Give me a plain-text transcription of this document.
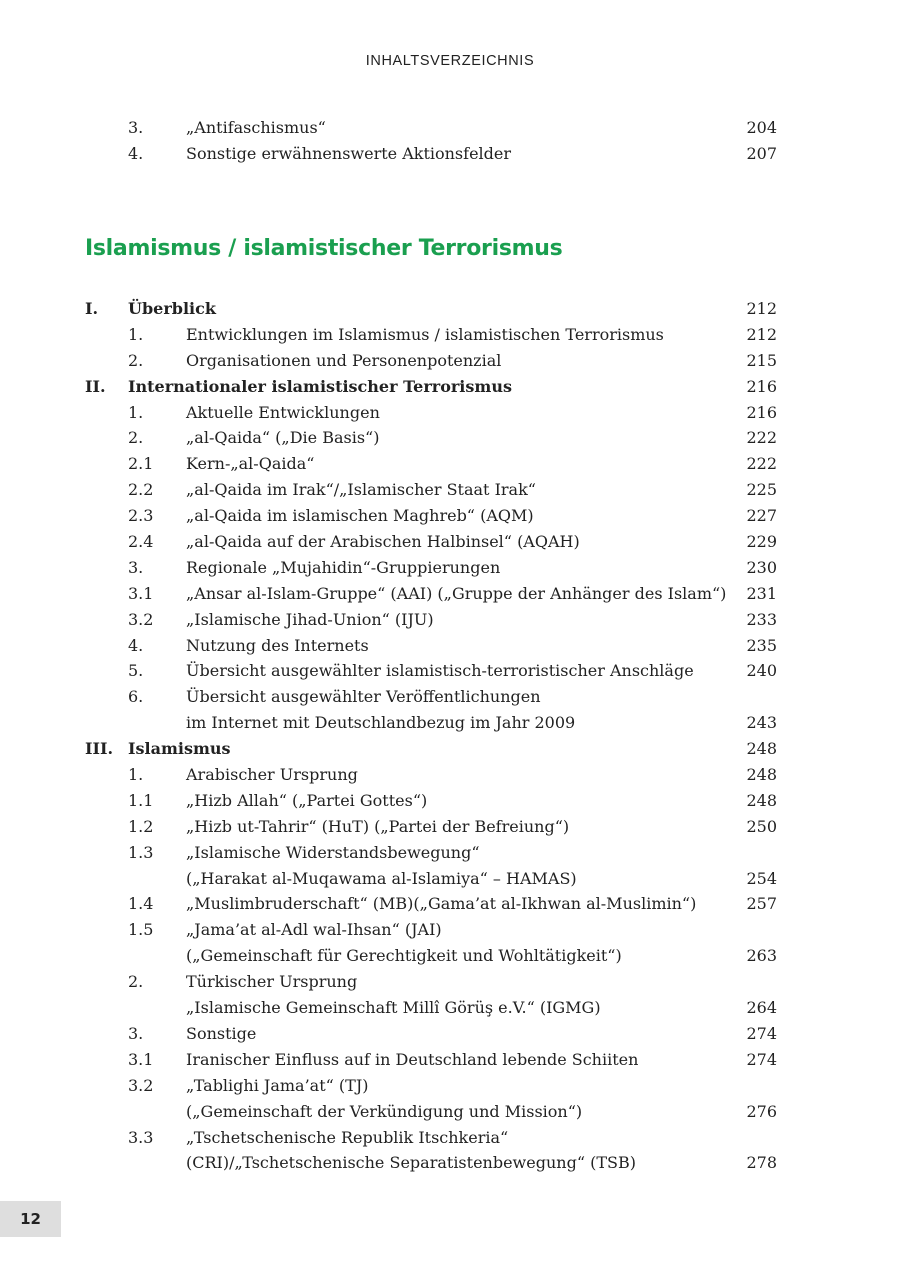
INHALTSVERZEICHNIS
3.	„Antifaschismus“	204
4.	Sonstige erwähnenswerte Aktionsfelder	207
Islamismus / islamistischer Terrorismus
I. Überblick	212
1.	Entwicklungen im Islamismus / islamistischen Terrorismus	212
2.	Organisationen und Personenpotenzial	215
II. Internationaler islamistischer Terrorismus	216
1.	Aktuelle Entwicklungen	216
2.	„al-Qaida“ („Die Basis“)	222
2.1 Kern-„al-Qaida“	222
2.2 „al-Qaida im Irak“/„Islamischer Staat Irak“	225
2.3 „al-Qaida im islamischen Maghreb“ (AQM)	227
2.4 „al-Qaida auf der Arabischen Halbinsel“ (AQAH)	229
3.	Regionale „Mujahidin“-Gruppierungen	230
3.1 „Ansar al-Islam-Gruppe“ (AAI) („Gruppe der Anhänger des Islam“) 231
3.2 „Islamische Jihad-Union“ (IJU)	233
4.	Nutzung des Internets	235
5.	Übersicht ausgewählter islamistisch-terroristischer Anschläge	240
6.	Übersicht ausgewählter Veröffentlichungen
im Internet mit Deutschlandbezug im Jahr 2009	243
III. Islamismus	248
1.	Arabischer Ursprung	248
1.1 „Hizb Allah“ („Partei Gottes“)	248
1.2 „Hizb ut-Tahrir“ (HuT) („Partei der Befreiung“)	250
1.3 „Islamische Widerstandsbewegung“
(„Harakat al-Muqawama al-Islamiya“ – HAMAS)	254
1.4 „Muslimbruderschaft“ (MB)(„Gama’at al-Ikhwan al-Muslimin“)	257
1.5 „Jama’at al-Adl wal-Ihsan“ (JAI)
(„Gemeinschaft für Gerechtigkeit und Wohltätigkeit“)	263
2.	Türkischer Ursprung
„Islamische Gemeinschaft Millî Görüş e.V.“ (IGMG)	264
3.	Sonstige	274
3.1 Iranischer Einfluss auf in Deutschland lebende Schiiten	274
3.2 „Tablighi Jama’at“ (TJ)
(„Gemeinschaft der Verkündigung und Mission“)	276
3.3 „Tschetschenische Republik Itschkeria“
(CRI)/„Tschetschenische Separatistenbewegung“ (TSB)	278
12
